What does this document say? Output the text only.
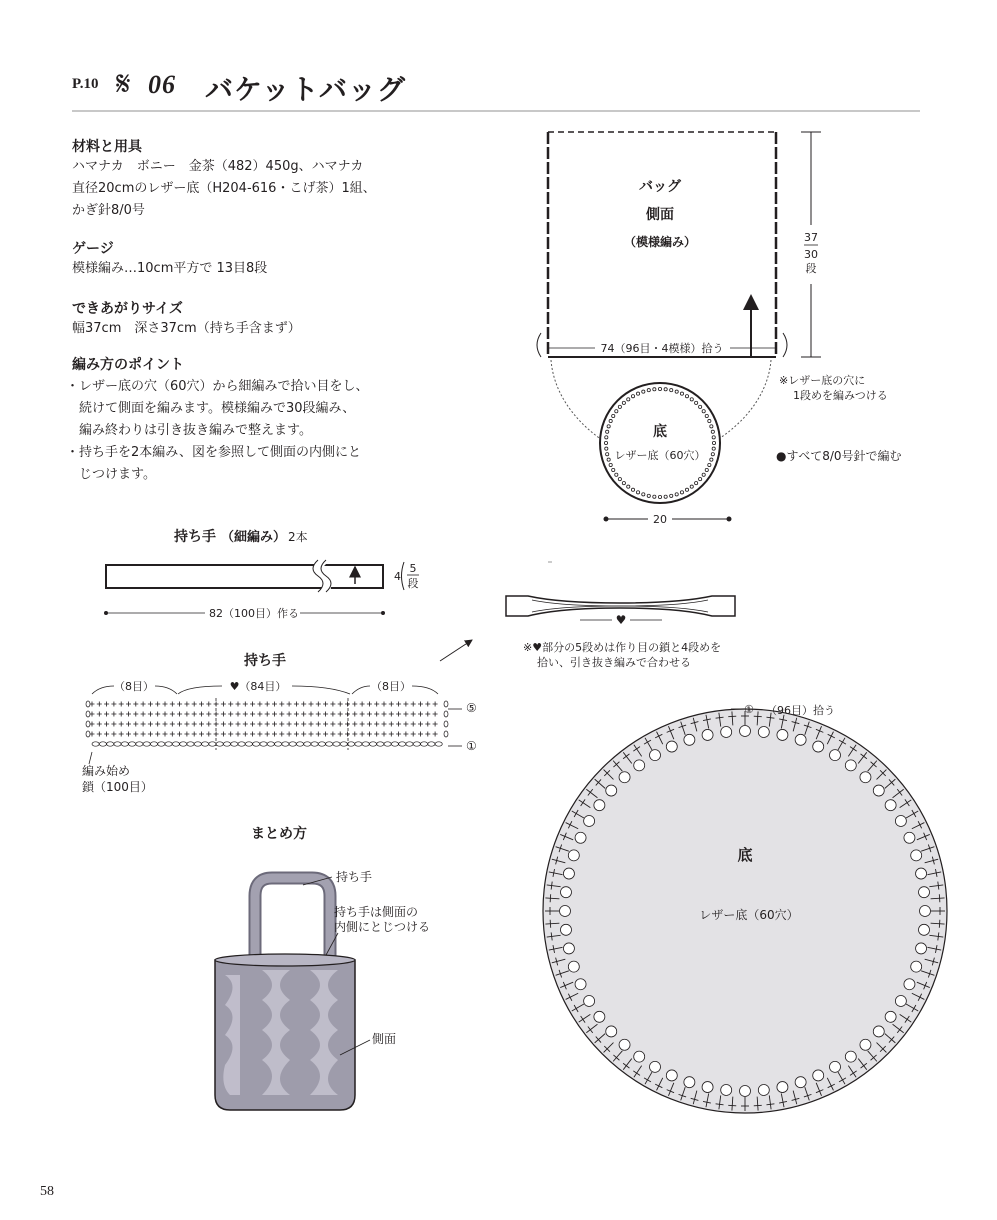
P.10 𝄋 06 バケットバッグ
材料と用具
ハマナカ　ボニー　金茶（482）450g、ハマナカ
直径20cmのレザー底（H204-616・こげ茶）1組、
かぎ針8/0号
ゲージ
模様編み…10cm平方で 13目8段
できあがりサイズ
幅37cm　深さ37cm（持ち手含まず）
編み方のポイント
・レザー底の穴（60穴）から細編みで拾い目をし、
　続けて側面を編みます。模様編みで30段編み、
　編み終わりは引き抜き編みで整えます。
・持ち手を2本編み、図を参照して側面の内側にと
　じつけます。
バッグ
側面
（模様編み）	37
30
段
74（96目・4模様）拾う
※レザー底の穴に
1段めを編みつける
底
レザー底（60穴）
20
●すべて8/0号針で編む
持ち手 （細編み） 2本
4
5
段
82（100目）作る	♥
※♥部分の5段めは作り目の鎖と4段めを
拾い、引き抜き編みで合わせる
持ち手
（8目）	♥（84目）	（8目）
⑤
①
編み始め
鎖（100目）
（96目）拾う
①
底
レザー底（60穴）
まとめ方
持ち手
持ち手は側面の
内側にとじつける
側面
58
